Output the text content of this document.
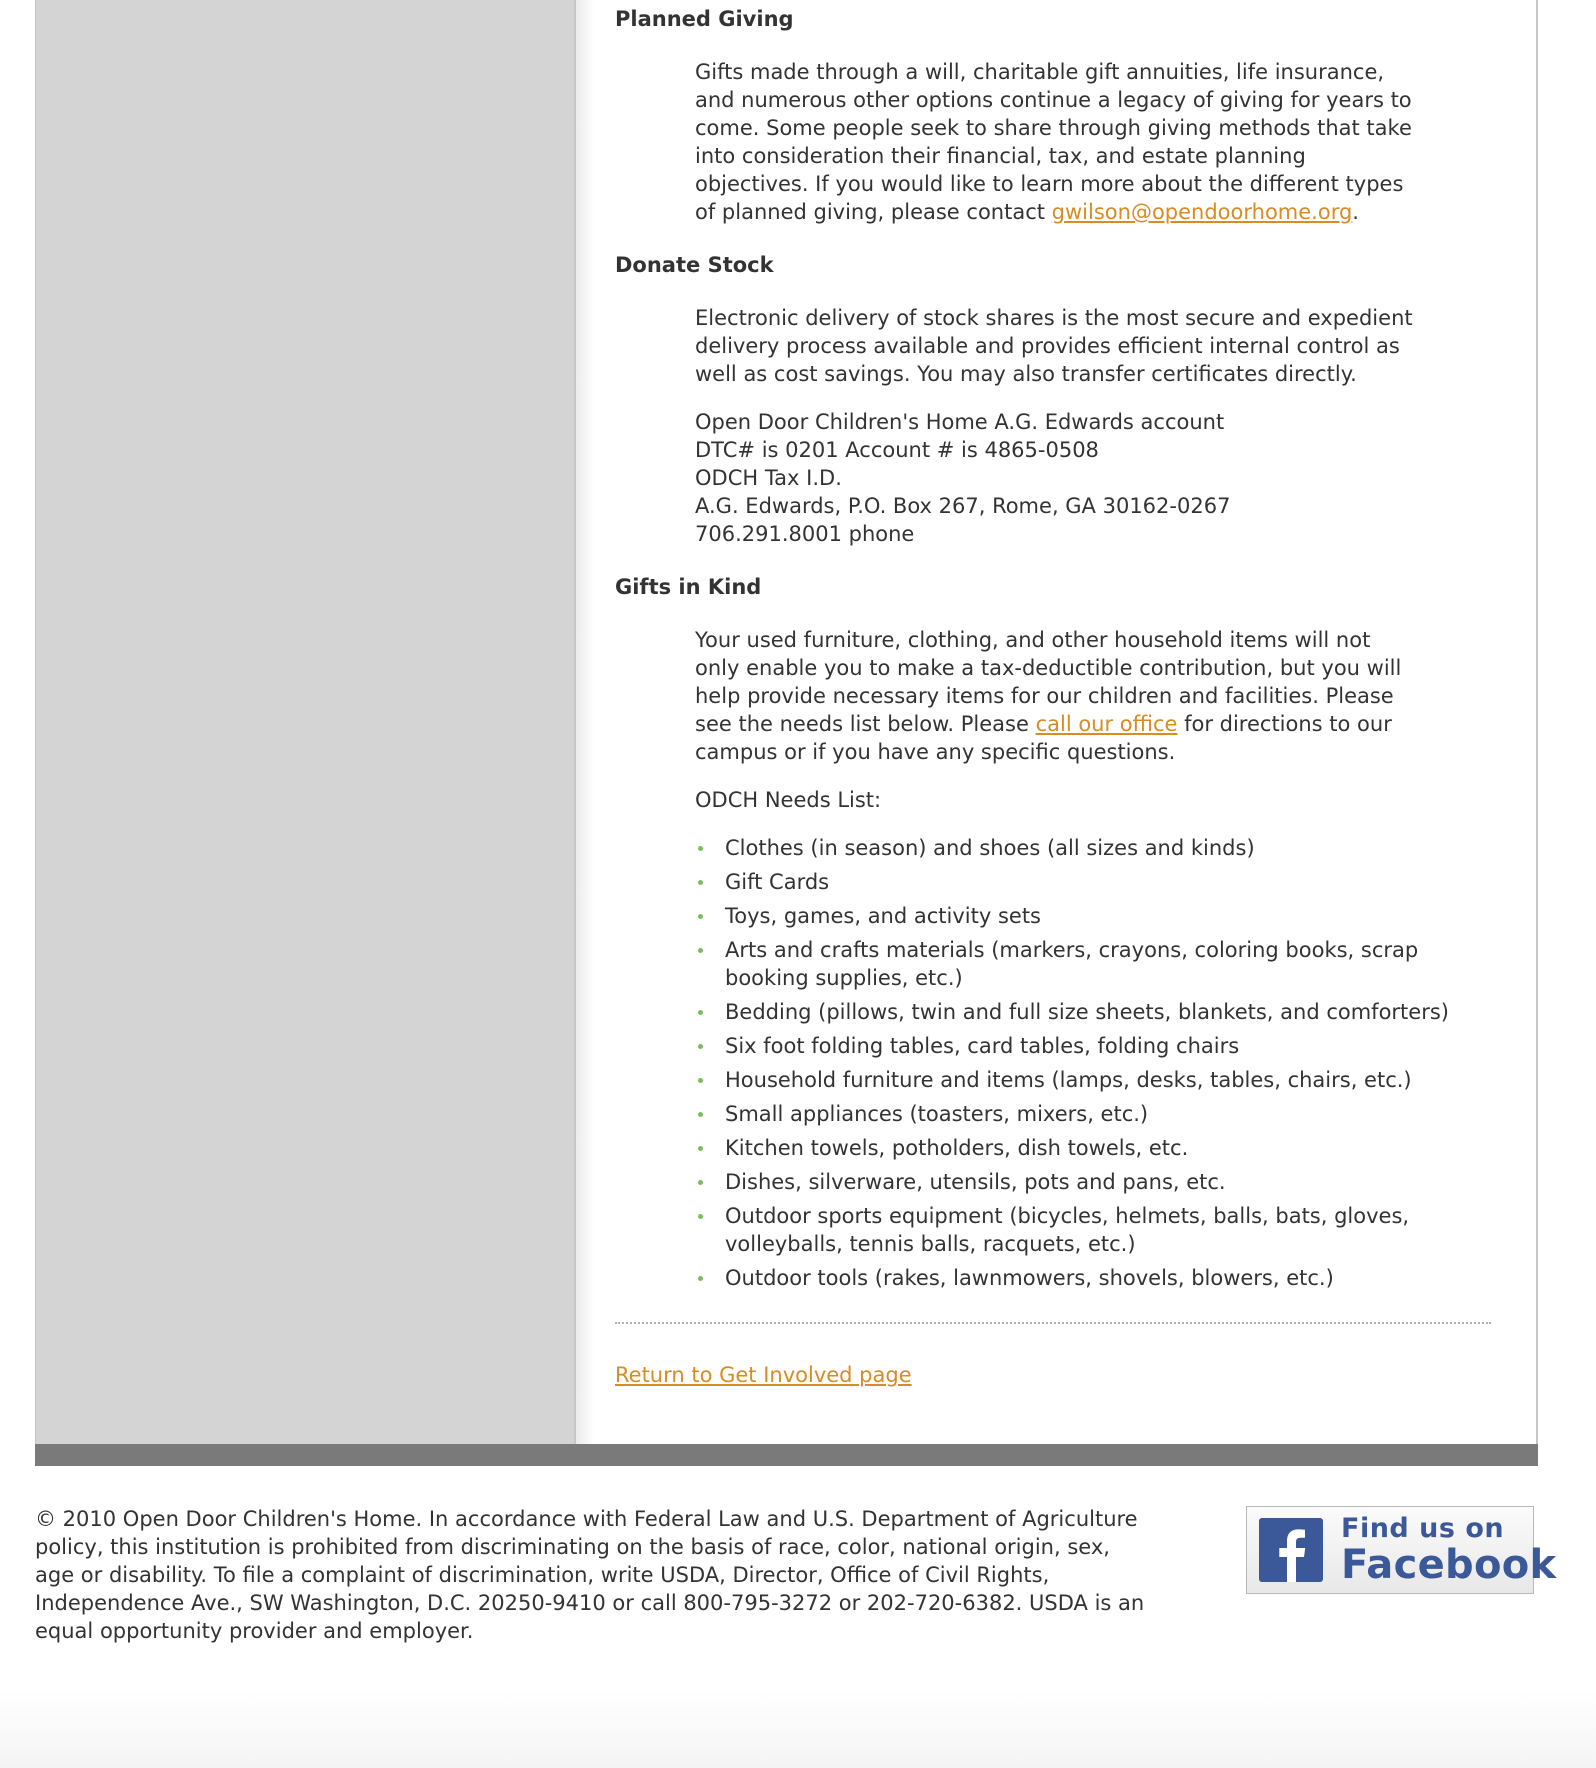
Planned Giving

Gifts made through a will, charitable gift annuities, life insurance, and numerous other options continue a legacy of giving for years to come. Some people seek to share through giving methods that take into consideration their financial, tax, and estate planning objectives. If you would like to learn more about the different types of planned giving, please contact gwilson@opendoorhome.org.

Donate Stock

Electronic delivery of stock shares is the most secure and expedient delivery process available and provides efficient internal control as well as cost savings. You may also transfer certificates directly.

Open Door Children's Home A.G. Edwards account

DTC# is 0201 Account # is 4865-0508

ODCH Tax I.D.

A.G. Edwards, P.O. Box 267, Rome, GA 30162-0267

706.291.8001 phone

Gifts in Kind

Your used furniture, clothing, and other household items will not only enable you to make a tax-deductible contribution, but you will help provide necessary items for our children and facilities. Please see the needs list below. Please call our office for directions to our campus or if you have any specific questions.

ODCH Needs List:

Clothes (in season) and shoes (all sizes and kinds)
Gift Cards
Toys, games, and activity sets
Arts and crafts materials (markers, crayons, coloring books, scrap booking supplies, etc.)
Bedding (pillows, twin and full size sheets, blankets, and comforters)
Six foot folding tables, card tables, folding chairs
Household furniture and items (lamps, desks, tables, chairs, etc.)
Small appliances (toasters, mixers, etc.)
Kitchen towels, potholders, dish towels, etc.
Dishes, silverware, utensils, pots and pans, etc.
Outdoor sports equipment (bicycles, helmets, balls, bats, gloves, volleyballs, tennis balls, racquets, etc.)
Outdoor tools (rakes, lawnmowers, shovels, blowers, etc.)
Return to Get Involved page

© 2010 Open Door Children's Home. In accordance with Federal Law and U.S. Department of Agriculture policy, this institution is prohibited from discriminating on the basis of race, color, national origin, sex, age or disability. To file a complaint of discrimination, write USDA, Director, Office of Civil Rights, Independence Ave., SW Washington, D.C. 20250-9410 or call 800-795-3272 or 202-720-6382. USDA is an equal opportunity provider and employer.

Find us on
Facebook
